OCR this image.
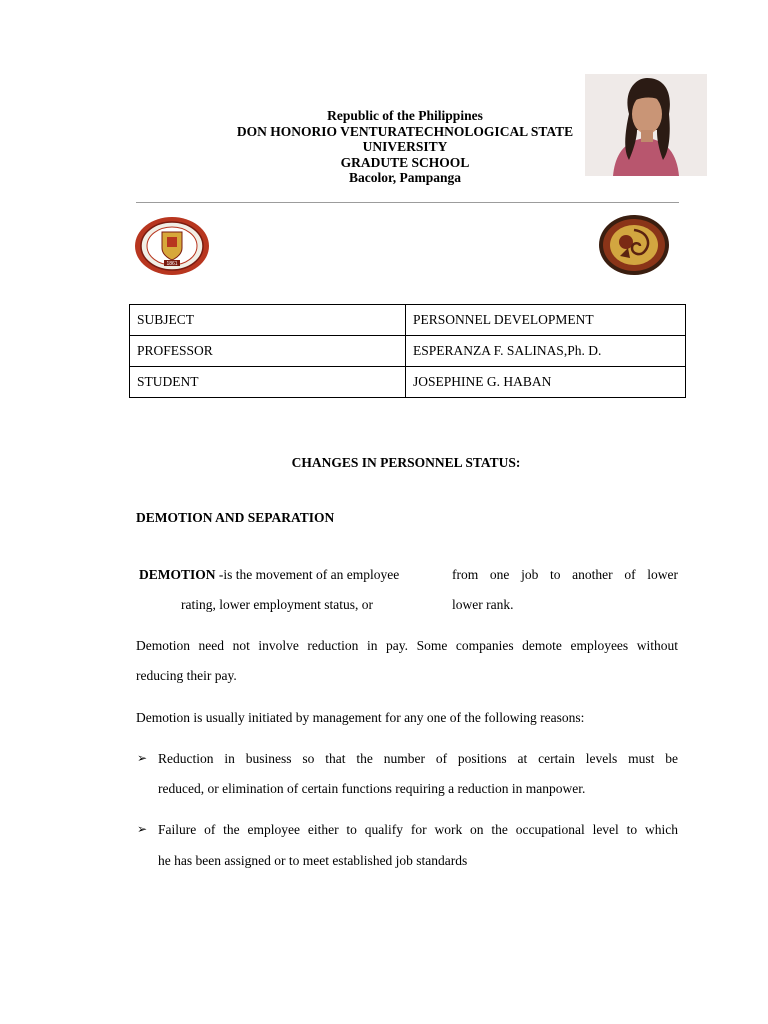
Republic of the Philippines
DON HONORIO VENTURATECHNOLOGICAL STATE
UNIVERSITY
GRADUTE SCHOOL
Bacolor, Pampanga
1861
SUBJECT	PERSONNEL DEVELOPMENT
PROFESSOR	ESPERANZA F. SALINAS,Ph. D.
STUDENT	JOSEPHINE G. HABAN
CHANGES IN PERSONNEL STATUS:
DEMOTION AND SEPARATION
DEMOTION -is the movement of an employee	from one job to another of lower
rating, lower employment status, or	lower rank.
Demotion need not involve reduction in pay. Some companies demote employees without
reducing their pay.
Demotion is usually initiated by management for any one of the following reasons:
➢ Reduction in business so that the number of positions at certain levels must be
reduced, or elimination of certain functions requiring a reduction in manpower.
➢ Failure of the employee either to qualify for work on the occupational level to which
he has been assigned or to meet established job standards
